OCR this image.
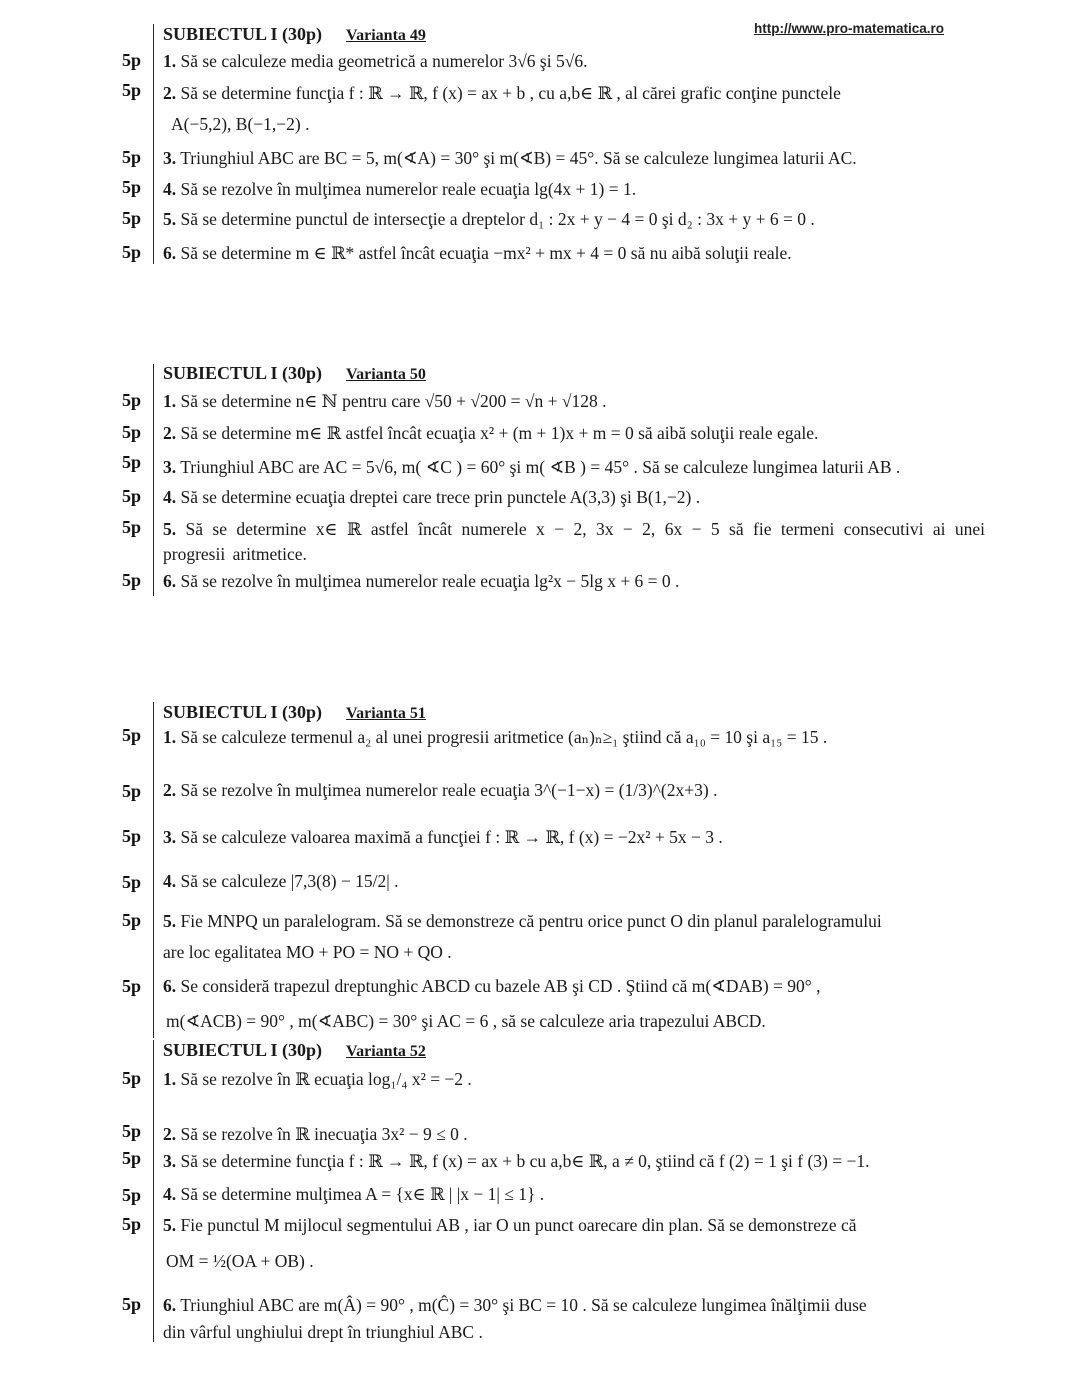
http://www.pro-matematica.ro
SUBIECTUL I (30p) Varianta 49
5p 1. Să se calculeze media geometrică a numerelor 3√6 şi 5√6.
5p 2. Să se determine funcţia f : ℝ → ℝ, f (x) = ax + b , cu a,b∈ ℝ , al cărei grafic conţine punctele
A(−5,2), B(−1,−2) .
5p 3. Triunghiul ABC are BC = 5, m(∢A) = 30° şi m(∢B) = 45°. Să se calculeze lungimea laturii AC.
5p 4. Să se rezolve în mulţimea numerelor reale ecuaţia lg(4x + 1) = 1.
5p 5. Să se determine punctul de intersecţie a dreptelor d₁ : 2x + y − 4 = 0 şi d₂ : 3x + y + 6 = 0 .
5p 6. Să se determine m ∈ ℝ* astfel încât ecuaţia −mx² + mx + 4 = 0 să nu aibă soluţii reale.
SUBIECTUL I (30p) Varianta 50
5p 1. Să se determine n∈ ℕ pentru care √50 + √200 = √n + √128 .
5p 2. Să se determine m∈ ℝ astfel încât ecuaţia x² + (m + 1)x + m = 0 să aibă soluţii reale egale.
5p 3. Triunghiul ABC are AC = 5√6, m( ∢C ) = 60° şi m( ∢B ) = 45° . Să se calculeze lungimea laturii AB .
5p 4. Să se determine ecuaţia dreptei care trece prin punctele A(3,3) şi B(1,−2) .
5p 5. Să se determine x∈ ℝ astfel încât numerele x − 2, 3x − 2, 6x − 5 să fie termeni consecutivi ai unei progresii aritmetice.
5p 6. Să se rezolve în mulţimea numerelor reale ecuaţia lg²x − 5lg x + 6 = 0 .
SUBIECTUL I (30p) Varianta 51
5p 1. Să se calculeze termenul a₂ al unei progresii aritmetice (aₙ)ₙ≥₁ ştiind că a₁₀ = 10 şi a₁₅ = 15 .
5p 2. Să se rezolve în mulţimea numerelor reale ecuaţia 3^(−1−x) = (1/3)^(2x+3) .
5p 3. Să se calculeze valoarea maximă a funcţiei f : ℝ → ℝ, f (x) = −2x² + 5x − 3 .
5p 4. Să se calculeze |7,3(8) − 15/2| .
5p 5. Fie MNPQ un paralelogram. Să se demonstreze că pentru orice punct O din planul paralelogramului
are loc egalitatea MO + PO = NO + QO .
5p 6. Se consideră trapezul dreptunghic ABCD cu bazele AB şi CD . Ştiind că m(∢DAB) = 90° ,
m(∢ACB) = 90° , m(∢ABC) = 30° şi AC = 6 , să se calculeze aria trapezului ABCD.
SUBIECTUL I (30p) Varianta 52
5p 1. Să se rezolve în ℝ ecuaţia log₁/₄ x² = −2 .
5p 2. Să se rezolve în ℝ inecuaţia 3x² − 9 ≤ 0 .
5p 3. Să se determine funcţia f : ℝ → ℝ, f (x) = ax + b cu a,b∈ ℝ, a ≠ 0, ştiind că f (2) = 1 şi f (3) = −1.
5p 4. Să se determine mulţimea A = {x∈ ℝ | |x − 1| ≤ 1} .
5p 5. Fie punctul M mijlocul segmentului AB , iar O un punct oarecare din plan. Să se demonstreze că
OM = ½(OA + OB) .
5p 6. Triunghiul ABC are m(Â) = 90° , m(Ĉ) = 30° şi BC = 10 . Să se calculeze lungimea înălţimii duse
din vârful unghiului drept în triunghiul ABC .
